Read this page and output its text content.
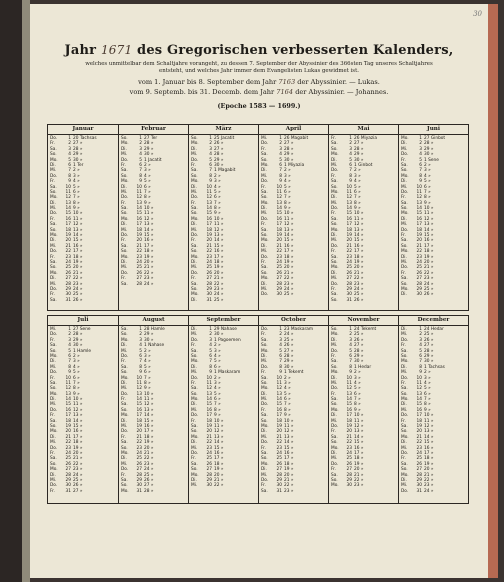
30
Jahr 1671 des Gregorischen verbesserten Kalenders,
welches unmittelbar dem Schaltjahre vorangeht, zu dessen 7. September der Abyssinier des 366sten Tag unseres Schaltjahres
entsteht, und welches Jahr immer dem Evangelisten Lukas gewidmet ist.
vom 1. Januar bis 8. September dem Jahr 7163 der Abyssinier. — Lukas.
vom 9. Septemb. bis 31. Decemb. dem Jahr 7164 der Abyssinier. — Johannes.
(Epoche 1583 — 1699.)
Januar
Do.	1 20 Tachsas
Fr.	2 27 »
Sa.	3 28 »
So.	4 29 »
Mo. 5 30 »
Di.	6 1 Ter
Mi.	7 2 »
Do.	8 3 »
Fr.	9 4 »
Sa. 10 5 »
So. 11 6 »
Mo. 12 7 »
Di. 13 8 »
Mi. 14 9 »
Do. 15 10 »
Fr. 16 11 »
Sa. 17 12 »
So. 18 13 »
Mo. 19 14 »
Di. 20 15 »
Mi. 21 16 »
Do. 22 17 »
Fr. 23 18 »
Sa. 24 19 »
So. 25 20 »
Mo. 26 21 »
Di. 27 22 »
Mi. 28 23 »
Do. 29 24 »
Fr. 30 25 »
Sa. 31 26 »
Februar
So.	1 27 Ter
Mo. 2 28 »
Di.	3 29 »
Mi.	4 30 »
Do.	5 1 Jacatit
Fr.	6 2 »
Sa.	7 3 »
So.	8 4 »
Mo. 9 5 »
Di. 10 6 »
Mi. 11 7 »
Do. 12 8 »
Fr. 13 9 »
Sa. 14 10 »
So. 15 11 »
Mo. 16 12 »
Di. 17 13 »
Mi. 18 14 »
Do. 19 15 »
Fr. 20 16 »
Sa. 21 17 »
So. 22 18 »
Mo. 23 19 »
Di. 24 20 »
Mi. 25 21 »
Do. 26 22 »
Fr. 27 23 »
Sa. 28 24 »
März
So.	1 25 Jacatit
Mo. 2 26 »
Di.	3 27 »
Mi.	4 28 »
Do.	5 29 »
Fr.	6 30 »
Sa.	7 1 Magabit
So.	8 2 »
Mo. 9 3 »
Di. 10 4 »
Mi. 11 5 »
Do. 12 6 »
Fr. 13 7 »
Sa. 14 8 »
So. 15 9 »
Mo. 16 10 »
Di. 17 11 »
Mi. 18 12 »
Do. 19 13 »
Fr. 20 14 »
Sa. 21 15 »
So. 22 16 »
Mo. 23 17 »
Di. 24 18 »
Mi. 25 19 »
Do. 26 20 »
Fr. 27 21 »
Sa. 28 22 »
So. 29 23 »
Mo. 30 24 »
Di. 31 25 »
April
Mi.	1 26 Magabit
Do.	2 27 »
Fr.	3 28 »
Sa.	4 29 »
So.	5 30 »
Mo. 6 1 Miyazia
Di.	7 2 »
Mi.	8 3 »
Do.	9 4 »
Fr. 10 5 »
Sa. 11 6 »
So. 12 7 »
Mo. 13 8 »
Di. 14 9 »
Mi. 15 10 »
Do. 16 11 »
Fr. 17 12 »
Sa. 18 13 »
So. 19 14 »
Mo. 20 15 »
Di. 21 16 »
Mi. 22 17 »
Do. 23 18 »
Fr. 24 19 »
Sa. 25 20 »
So. 26 21 »
Mo. 27 22 »
Di. 28 23 »
Mi. 29 24 »
Do. 30 25 »
Mai
Fr.	1 26 Miyazia
Sa.	2 27 »
So.	3 28 »
Mo. 4 29 »
Di.	5 30 »
Mi.	6 1 Ginbot
Do.	7 2 »
Fr.	8 3 »
Sa.	9 4 »
So. 10 5 »
Mo. 11 6 »
Di. 12 7 »
Mi. 13 8 »
Do. 14 9 »
Fr. 15 10 »
Sa. 16 11 »
So. 17 12 »
Mo. 18 13 »
Di. 19 14 »
Mi. 20 15 »
Do. 21 16 »
Fr. 22 17 »
Sa. 23 18 »
So. 24 19 »
Mo. 25 20 »
Di. 26 21 »
Mi. 27 22 »
Do. 28 23 »
Fr. 29 24 »
Sa. 30 25 »
So. 31 26 »
Juni
Mo. 1 27 Ginbot
Di.	2 28 »
Mi.	3 29 »
Do.	4 30 »
Fr.	5 1 Sene
Sa.	6 2 »
So.	7 3 »
Mo. 8 4 »
Di.	9 5 »
Mi. 10 6 »
Do. 11 7 »
Fr. 12 8 »
Sa. 13 9 »
So. 14 10 »
Mo. 15 11 »
Di. 16 12 »
Mi. 17 13 »
Do. 18 14 »
Fr. 19 15 »
Sa. 20 16 »
So. 21 17 »
Mo. 22 18 »
Di. 23 19 »
Mi. 24 20 »
Do. 25 21 »
Fr. 26 22 »
Sa. 27 23 »
So. 28 24 »
Mo. 29 25 »
Di. 30 26 »
Juli
Mi.	1 27 Sene
Do.	2 28 »
Fr.	3 29 »
Sa.	4 30 »
So.	5 1 Hamle
Mo. 6 2 »
Di.	7 3 »
Mi.	8 4 »
Do.	9 5 »
Fr. 10 6 »
Sa. 11 7 »
So. 12 8 »
Mo. 13 9 »
Di. 14 10 »
Mi. 15 11 »
Do. 16 12 »
Fr. 17 13 »
Sa. 18 14 »
So. 19 15 »
Mo. 20 16 »
Di. 21 17 »
Mi. 22 18 »
Do. 23 19 »
Fr. 24 20 »
Sa. 25 21 »
So. 26 22 »
Mo. 27 23 »
Di. 28 24 »
Mi. 29 25 »
Do. 30 26 »
Fr. 31 27 »
August
Sa.	1 28 Hamle
So.	2 29 »
Mo. 3 30 »
Di.	4 1 Nahase
Mi.	5 2 »
Do.	6 3 »
Fr.	7 4 »
Sa.	8 5 »
So.	9 6 »
Mo. 10 7 »
Di. 11 8 »
Mi. 12 9 »
Do. 13 10 »
Fr. 14 11 »
Sa. 15 12 »
So. 16 13 »
Mo. 17 14 »
Di. 18 15 »
Mi. 19 16 »
Do. 20 17 »
Fr. 21 18 »
Sa. 22 19 »
So. 23 20 »
Mo. 24 21 »
Di. 25 22 »
Mi. 26 23 »
Do. 27 24 »
Fr. 28 25 »
Sa. 29 26 »
So. 30 27 »
Mo. 31 28 »
September
Di.	1 29 Nahase
Mi.	2 30 »
Do.	3 1 Pagoemen
Fr.	4 2 »
Sa.	5 3 »
So.	6 4 »
Mo. 7 5 »
Di.	8 6 »
Mi.	9 1 Maskaram
Do. 10 2 »
Fr. 11 3 »
Sa. 12 4 »
So. 13 5 »
Mo. 14 6 »
Di. 15 7 »
Mi. 16 8 »
Do. 17 9 »
Fr. 18 10 »
Sa. 19 11 »
So. 20 12 »
Mo. 21 13 »
Di. 22 14 »
Mi. 23 15 »
Do. 24 16 »
Fr. 25 17 »
Sa. 26 18 »
So. 27 19 »
Mo. 28 20 »
Di. 29 21 »
Mi. 30 22 »
October
Do.	1 23 Maskaram
Fr.	2 24 »
Sa.	3 25 »
So.	4 26 »
Mo. 5 27 »
Di.	6 28 »
Mi.	7 29 »
Do.	8 30 »
Fr.	9 1 Tekemt
Sa. 10 2 »
So. 11 3 »
Mo. 12 4 »
Di. 13 5 »
Mi. 14 6 »
Do. 15 7 »
Fr. 16 8 »
Sa. 17 9 »
So. 18 10 »
Mo. 19 11 »
Di. 20 12 »
Mi. 21 13 »
Do. 22 14 »
Fr. 23 15 »
Sa. 24 16 »
So. 25 17 »
Mo. 26 18 »
Di. 27 19 »
Mi. 28 20 »
Do. 29 21 »
Fr. 30 22 »
Sa. 31 23 »
November
So.	1 24 Tekemt
Mo. 2 25 »
Di.	3 26 »
Mi.	4 27 »
Do.	5 28 »
Fr.	6 29 »
Sa.	7 30 »
So.	8 1 Hedar
Mo. 9 2 »
Di. 10 3 »
Mi. 11 4 »
Do. 12 5 »
Fr. 13 6 »
Sa. 14 7 »
So. 15 8 »
Mo. 16 9 »
Di. 17 10 »
Mi. 18 11 »
Do. 19 12 »
Fr. 20 13 »
Sa. 21 14 »
So. 22 15 »
Mo. 23 16 »
Di. 24 17 »
Mi. 25 18 »
Do. 26 19 »
Fr. 27 20 »
Sa. 28 21 »
So. 29 22 »
Mo. 30 23 »
December
Di.	1 24 Hedar
Mi.	2 25 »
Do.	3 26 »
Fr.	4 27 »
Sa.	5 28 »
So.	6 29 »
Mo. 7 30 »
Di.	8 1 Tachsas
Mi.	9 2 »
Do. 10 3 »
Fr. 11 4 »
Sa. 12 5 »
So. 13 6 »
Mo. 14 7 »
Di. 15 8 »
Mi. 16 9 »
Do. 17 10 »
Fr. 18 11 »
Sa. 19 12 »
So. 20 13 »
Mo. 21 14 »
Di. 22 15 »
Mi. 23 16 »
Do. 24 17 »
Fr. 25 18 »
Sa. 26 19 »
So. 27 20 »
Mo. 28 21 »
Di. 29 22 »
Mi. 30 23 »
Do. 31 24 »
